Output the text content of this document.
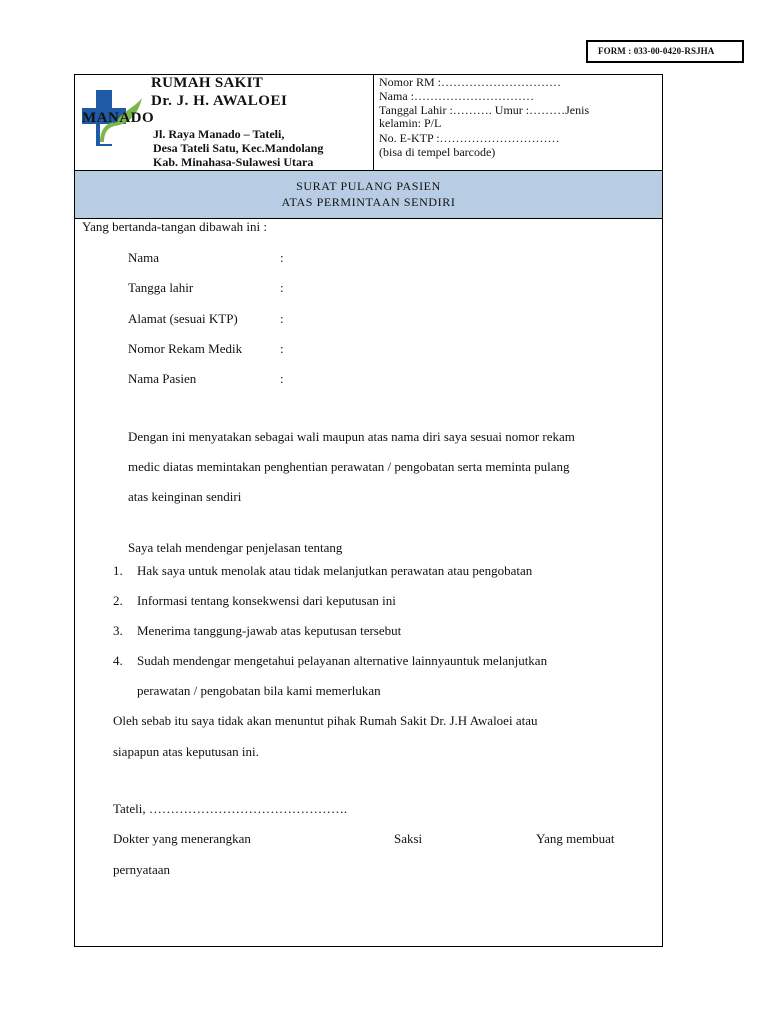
FORM : 033-00-0420-RSJHA
RUMAH SAKIT
Dr. J. H. AWALOEI
MANADO
Jl. Raya Manado – Tateli,
Desa Tateli Satu, Kec.Mandolang
Kab. Minahasa-Sulawesi Utara
Nomor RM :…………………………
Nama :…………………………
Tanggal Lahir :………. Umur :………Jenis
kelamin: P/L
No. E-KTP :…………………………
(bisa di tempel barcode)
SURAT PULANG PASIEN
ATAS PERMINTAAN SENDIRI
Yang bertanda-tangan dibawah ini :
Nama	:
Tangga lahir	:
Alamat (sesuai KTP)	:
Nomor Rekam Medik	:
Nama Pasien	:
Dengan ini menyatakan sebagai wali maupun atas nama diri saya sesuai nomor rekam
medic diatas memintakan penghentian perawatan / pengobatan serta meminta pulang
atas keinginan sendiri
Saya telah mendengar penjelasan tentang
1. Hak saya untuk menolak atau tidak melanjutkan perawatan atau pengobatan
2. Informasi tentang konsekwensi dari keputusan ini
3. Menerima tanggung-jawab atas keputusan tersebut
4. Sudah mendengar mengetahui pelayanan alternative lainnyauntuk melanjutkan
perawatan / pengobatan bila kami memerlukan
Oleh sebab itu saya tidak akan menuntut pihak Rumah Sakit Dr. J.H Awaloei atau
siapapun atas keputusan ini.
Tateli, ……………………………………….
Dokter yang menerangkan	Saksi	Yang membuat
pernyataan
